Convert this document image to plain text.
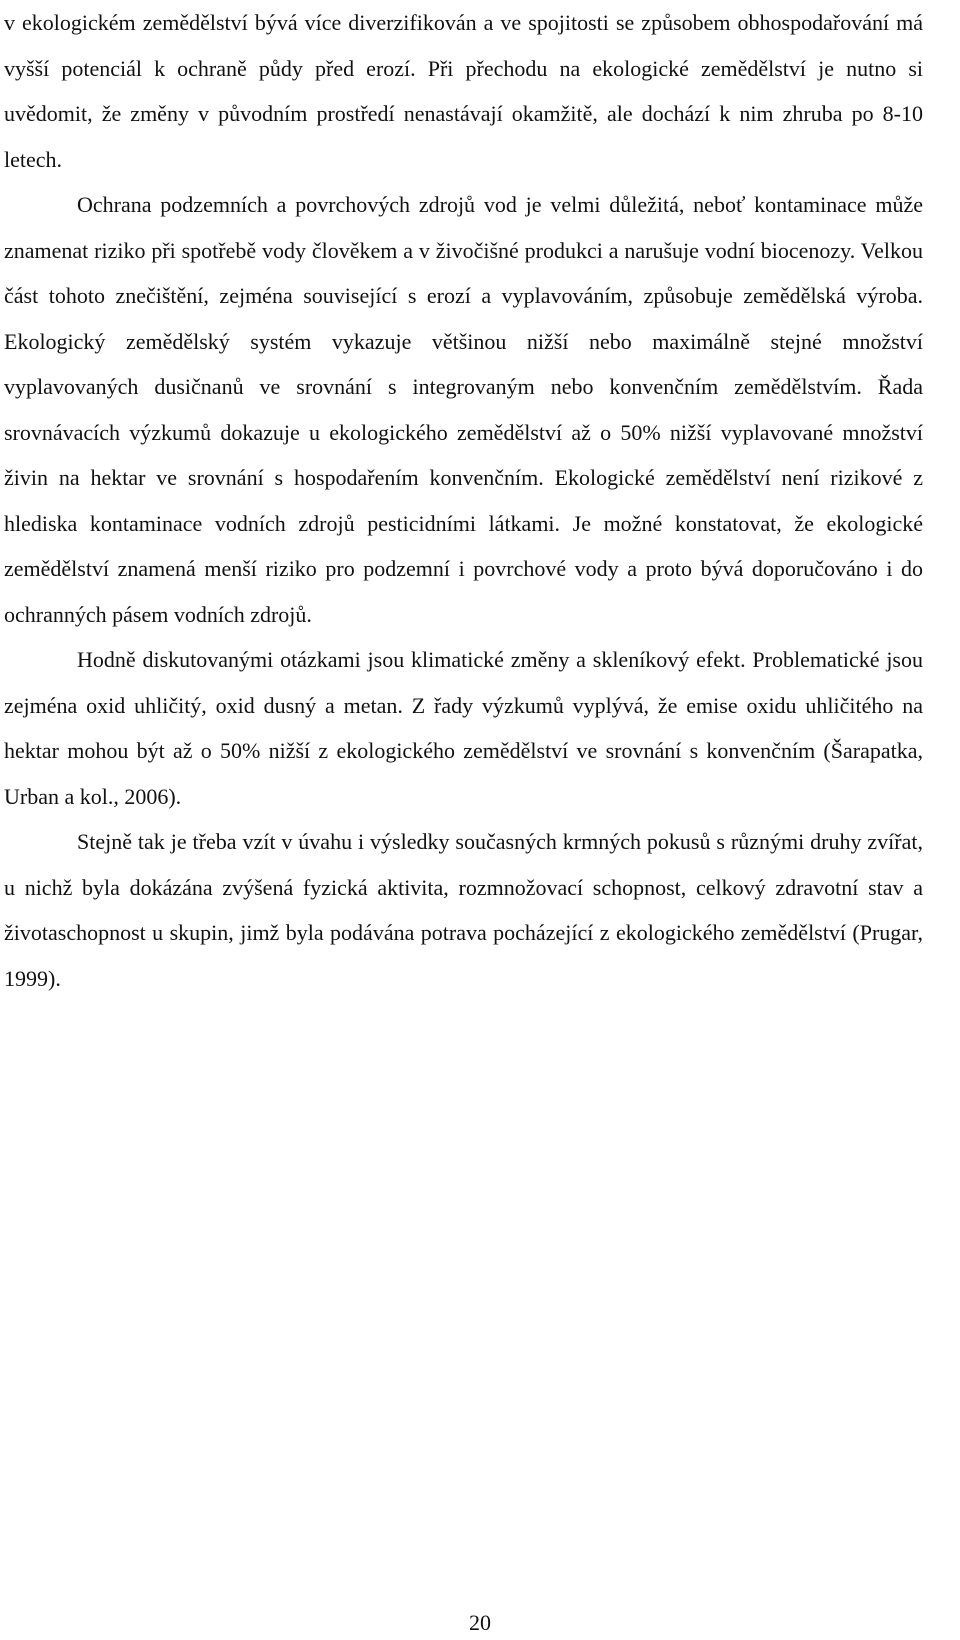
v ekologickém zemědělství bývá více diverzifikován a ve spojitosti se způsobem obhospodařování má vyšší potenciál k ochraně půdy před erozí. Při přechodu na ekologické zemědělství je nutno si uvědomit, že změny v původním prostředí nenastávají okamžitě, ale dochází k nim zhruba po 8-10 letech.

Ochrana podzemních a povrchových zdrojů vod je velmi důležitá, neboť kontaminace může znamenat riziko při spotřebě vody člověkem a v živočišné produkci a narušuje vodní biocenozy. Velkou část tohoto znečištění, zejména související s erozí a vyplavováním, způsobuje zemědělská výroba. Ekologický zemědělský systém vykazuje většinou nižší nebo maximálně stejné množství vyplavovaných dusičnanů ve srovnání s integrovaným nebo konvenčním zemědělstvím. Řada srovnávacích výzkumů dokazuje u ekologického zemědělství až o 50% nižší vyplavované množství živin na hektar ve srovnání s hospodařením konvenčním. Ekologické zemědělství není rizikové z hlediska kontaminace vodních zdrojů pesticidními látkami. Je možné konstatovat, že ekologické zemědělství znamená menší riziko pro podzemní i povrchové vody a proto bývá doporučováno i do ochranných pásem vodních zdrojů.

Hodně diskutovanými otázkami jsou klimatické změny a skleníkový efekt. Problematické jsou zejména oxid uhličitý, oxid dusný a metan. Z řady výzkumů vyplývá, že emise oxidu uhličitého na hektar mohou být až o 50% nižší z ekologického zemědělství ve srovnání s konvenčním (Šarapatka, Urban a kol., 2006).

Stejně tak je třeba vzít v úvahu i výsledky současných krmných pokusů s různými druhy zvířat, u nichž byla dokázána zvýšená fyzická aktivita, rozmnožovací schopnost, celkový zdravotní stav a životaschopnost u skupin, jimž byla podávána potrava pocházející z ekologického zemědělství (Prugar, 1999).

20
